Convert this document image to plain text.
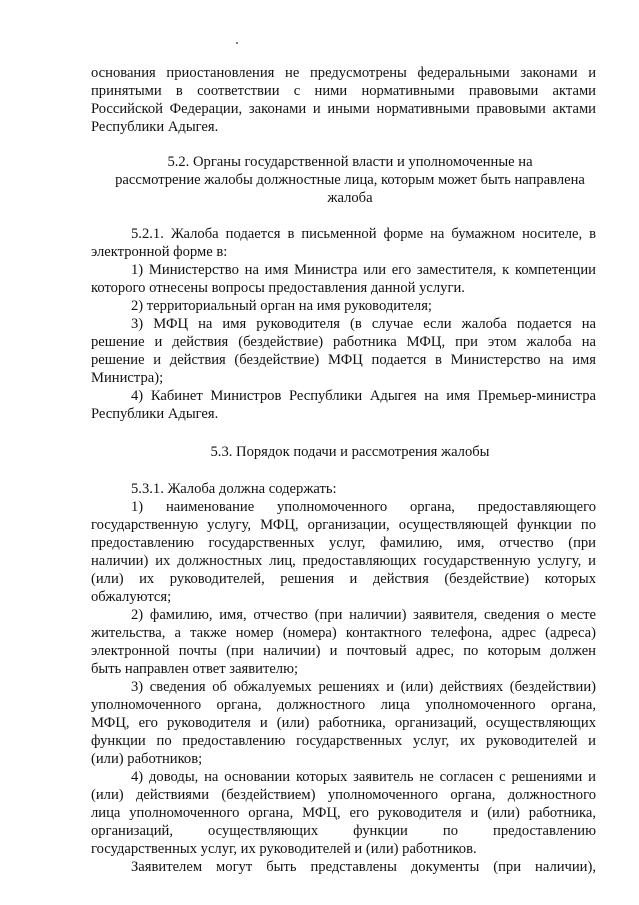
основания приостановления не предусмотрены федеральными законами и
принятыми в соответствии с ними нормативными правовыми актами
Российской Федерации, законами и иными нормативными правовыми актами
Республики Адыгея.
5.2. Органы государственной власти и уполномоченные на
рассмотрение жалобы должностные лица, которым может быть направлена
жалоба
5.2.1. Жалоба подается в письменной форме на бумажном носителе, в
электронной форме в:
1) Министерство на имя Министра или его заместителя, к компетенции
которого отнесены вопросы предоставления данной услуги.
2) территориальный орган на имя руководителя;
3) МФЦ на имя руководителя (в случае если жалоба подается на
решение и действия (бездействие) работника МФЦ, при этом жалоба на
решение и действия (бездействие) МФЦ подается в Министерство на имя
Министра);
4) Кабинет Министров Республики Адыгея на имя Премьер-министра
Республики Адыгея.
5.3. Порядок подачи и рассмотрения жалобы
5.3.1. Жалоба должна содержать:
1) наименование уполномоченного органа, предоставляющего
государственную услугу, МФЦ, организации, осуществляющей функции по
предоставлению государственных услуг, фамилию, имя, отчество (при
наличии) их должностных лиц, предоставляющих государственную услугу, и
(или) их руководителей, решения и действия (бездействие) которых
обжалуются;
2) фамилию, имя, отчество (при наличии) заявителя, сведения о месте
жительства, а также номер (номера) контактного телефона, адрес (адреса)
электронной почты (при наличии) и почтовый адрес, по которым должен
быть направлен ответ заявителю;
3) сведения об обжалуемых решениях и (или) действиях (бездействии)
уполномоченного органа, должностного лица уполномоченного органа,
МФЦ, его руководителя и (или) работника, организаций, осуществляющих
функции по предоставлению государственных услуг, их руководителей и
(или) работников;
4) доводы, на основании которых заявитель не согласен с решениями и
(или) действиями (бездействием) уполномоченного органа, должностного
лица уполномоченного органа, МФЦ, его руководителя и (или) работника,
организаций, осуществляющих функции по предоставлению
государственных услуг, их руководителей и (или) работников.
Заявителем могут быть представлены документы (при наличии),
